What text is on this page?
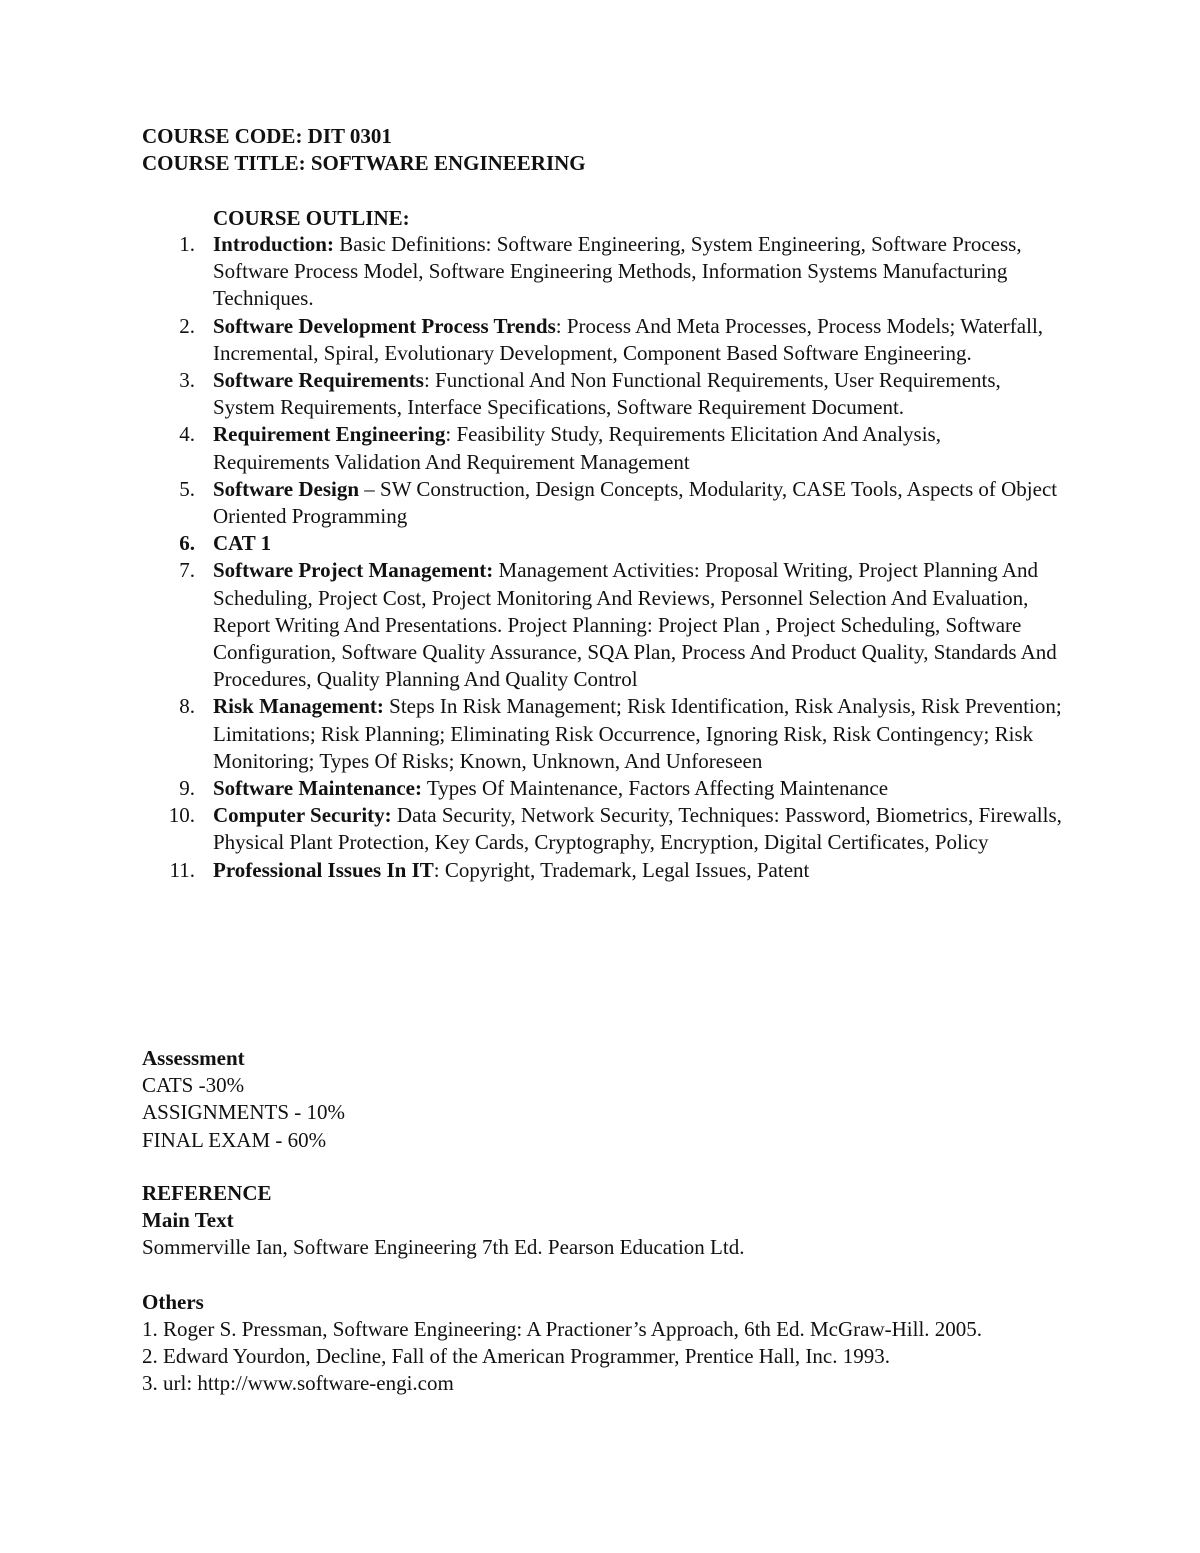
COURSE CODE: DIT 0301
COURSE TITLE: SOFTWARE ENGINEERING
COURSE OUTLINE:
1. Introduction: Basic Definitions: Software Engineering, System Engineering, Software Process, Software Process Model, Software Engineering Methods, Information Systems Manufacturing Techniques.
2. Software Development Process Trends: Process And Meta Processes, Process Models; Waterfall, Incremental, Spiral, Evolutionary Development, Component Based Software Engineering.
3. Software Requirements: Functional And Non Functional Requirements, User Requirements, System Requirements, Interface Specifications, Software Requirement Document.
4. Requirement Engineering: Feasibility Study, Requirements Elicitation And Analysis, Requirements Validation And Requirement Management
5. Software Design – SW Construction, Design Concepts, Modularity, CASE Tools, Aspects of Object Oriented Programming
6. CAT 1
7. Software Project Management: Management Activities: Proposal Writing, Project Planning And Scheduling, Project Cost, Project Monitoring And Reviews, Personnel Selection And Evaluation, Report Writing And Presentations. Project Planning: Project Plan , Project Scheduling, Software Configuration, Software Quality Assurance, SQA Plan, Process And Product Quality, Standards And Procedures, Quality Planning And Quality Control
8. Risk Management: Steps In Risk Management; Risk Identification, Risk Analysis, Risk Prevention; Limitations; Risk Planning; Eliminating Risk Occurrence, Ignoring Risk, Risk Contingency; Risk Monitoring; Types Of Risks; Known, Unknown, And Unforeseen
9. Software Maintenance: Types Of Maintenance, Factors Affecting Maintenance
10. Computer Security: Data Security, Network Security, Techniques: Password, Biometrics, Firewalls, Physical Plant Protection, Key Cards, Cryptography, Encryption, Digital Certificates, Policy
11. Professional Issues In IT: Copyright, Trademark, Legal Issues, Patent
Assessment
CATS -30%
ASSIGNMENTS - 10%
FINAL EXAM - 60%
REFERENCE
Main Text
Sommerville Ian, Software Engineering 7th Ed. Pearson Education Ltd.
Others
1. Roger S. Pressman, Software Engineering: A Practioner’s Approach, 6th Ed. McGraw-Hill. 2005.
2. Edward Yourdon, Decline, Fall of the American Programmer, Prentice Hall, Inc. 1993.
3. url: http://www.software-engi.com
